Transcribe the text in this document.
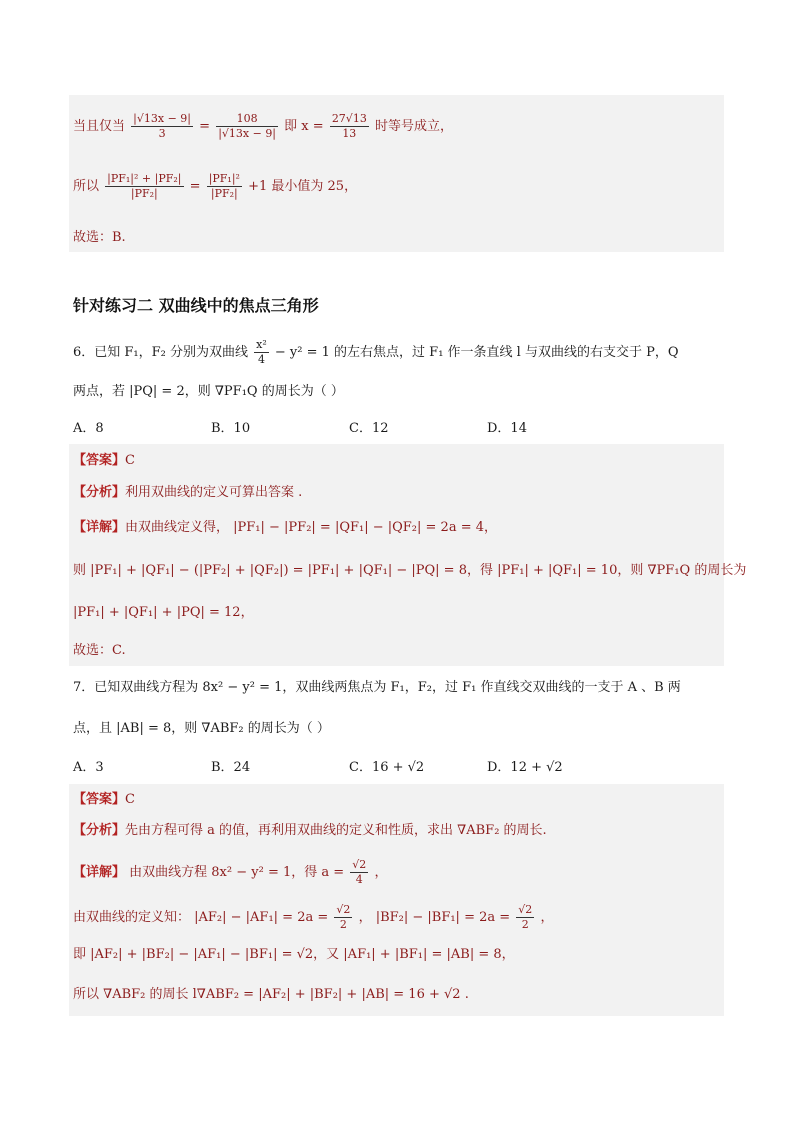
当且仅当 $\frac{|√13x - 9|}{3} = \frac{108}{|√13x - 9|}$ 即 $x = \frac{27√13}{13}$ 时等号成立，
所以 $\frac{\text{|PF₁|² + |PF₂|}}{\text{|PF₂|}} = \frac{\text{|PF₁|²}}{\text{|PF₂|}} +1$ 最小值为 25，
故选：B.
针对练习二 双曲线中的焦点三角形
6．已知 F₁，F₂ 分别为双曲线 $\frac{\text{x²}}{4} - y^2 = 1$ 的左右焦点，过 F₁ 作一条直线 l 与双曲线的右支交于 P，Q
两点，若 |PQ| = 2，则 ∇PF₁Q 的周长为（ ）
A．8	B．10	C．12	D．14
【答案】C
【分析】利用双曲线的定义可算出答案 .
【详解】由双曲线定义得， |PF₁| − |PF₂| = |QF₁| − |QF₂| = 2a = 4，
则 |PF₁| + |QF₁| − (|PF₂| + |QF₂|) = |PF₁| + |QF₁| − |PQ| = 8，得 |PF₁| + |QF₁| = 10，则 ∇PF₁Q 的周长为
|PF₁| + |QF₁| + |PQ| = 12，
故选：C.
7．已知双曲线方程为 8x² − y² = 1，双曲线两焦点为 F₁，F₂，过 F₁ 作直线交双曲线的一支于 A 、B 两
点，且 |AB| = 8，则 ∇ABF₂ 的周长为（ ）
A．3	B．24	C．16 + √2	D．12 + √2
【答案】C
【分析】先由方程可得 a 的值，再利用双曲线的定义和性质，求出 ∇ABF₂ 的周长.
【详解】 由双曲线方程 8x² − y² = 1，得 $a = \frac{√2}{4}$ ，
由双曲线的定义知： $|AF_2| - |AF_1| = 2a = \frac{√2}{2}$ ， $|BF_2| - |BF_1| = 2a = \frac{√2}{2}$ ，
即 |AF₂| + |BF₂| − |AF₁| − |BF₁| = √2，又 |AF₁| + |BF₁| = |AB| = 8，
所以 ∇ABF₂ 的周长 l∇ABF₂ = |AF₂| + |BF₂| + |AB| = 16 + √2 .
